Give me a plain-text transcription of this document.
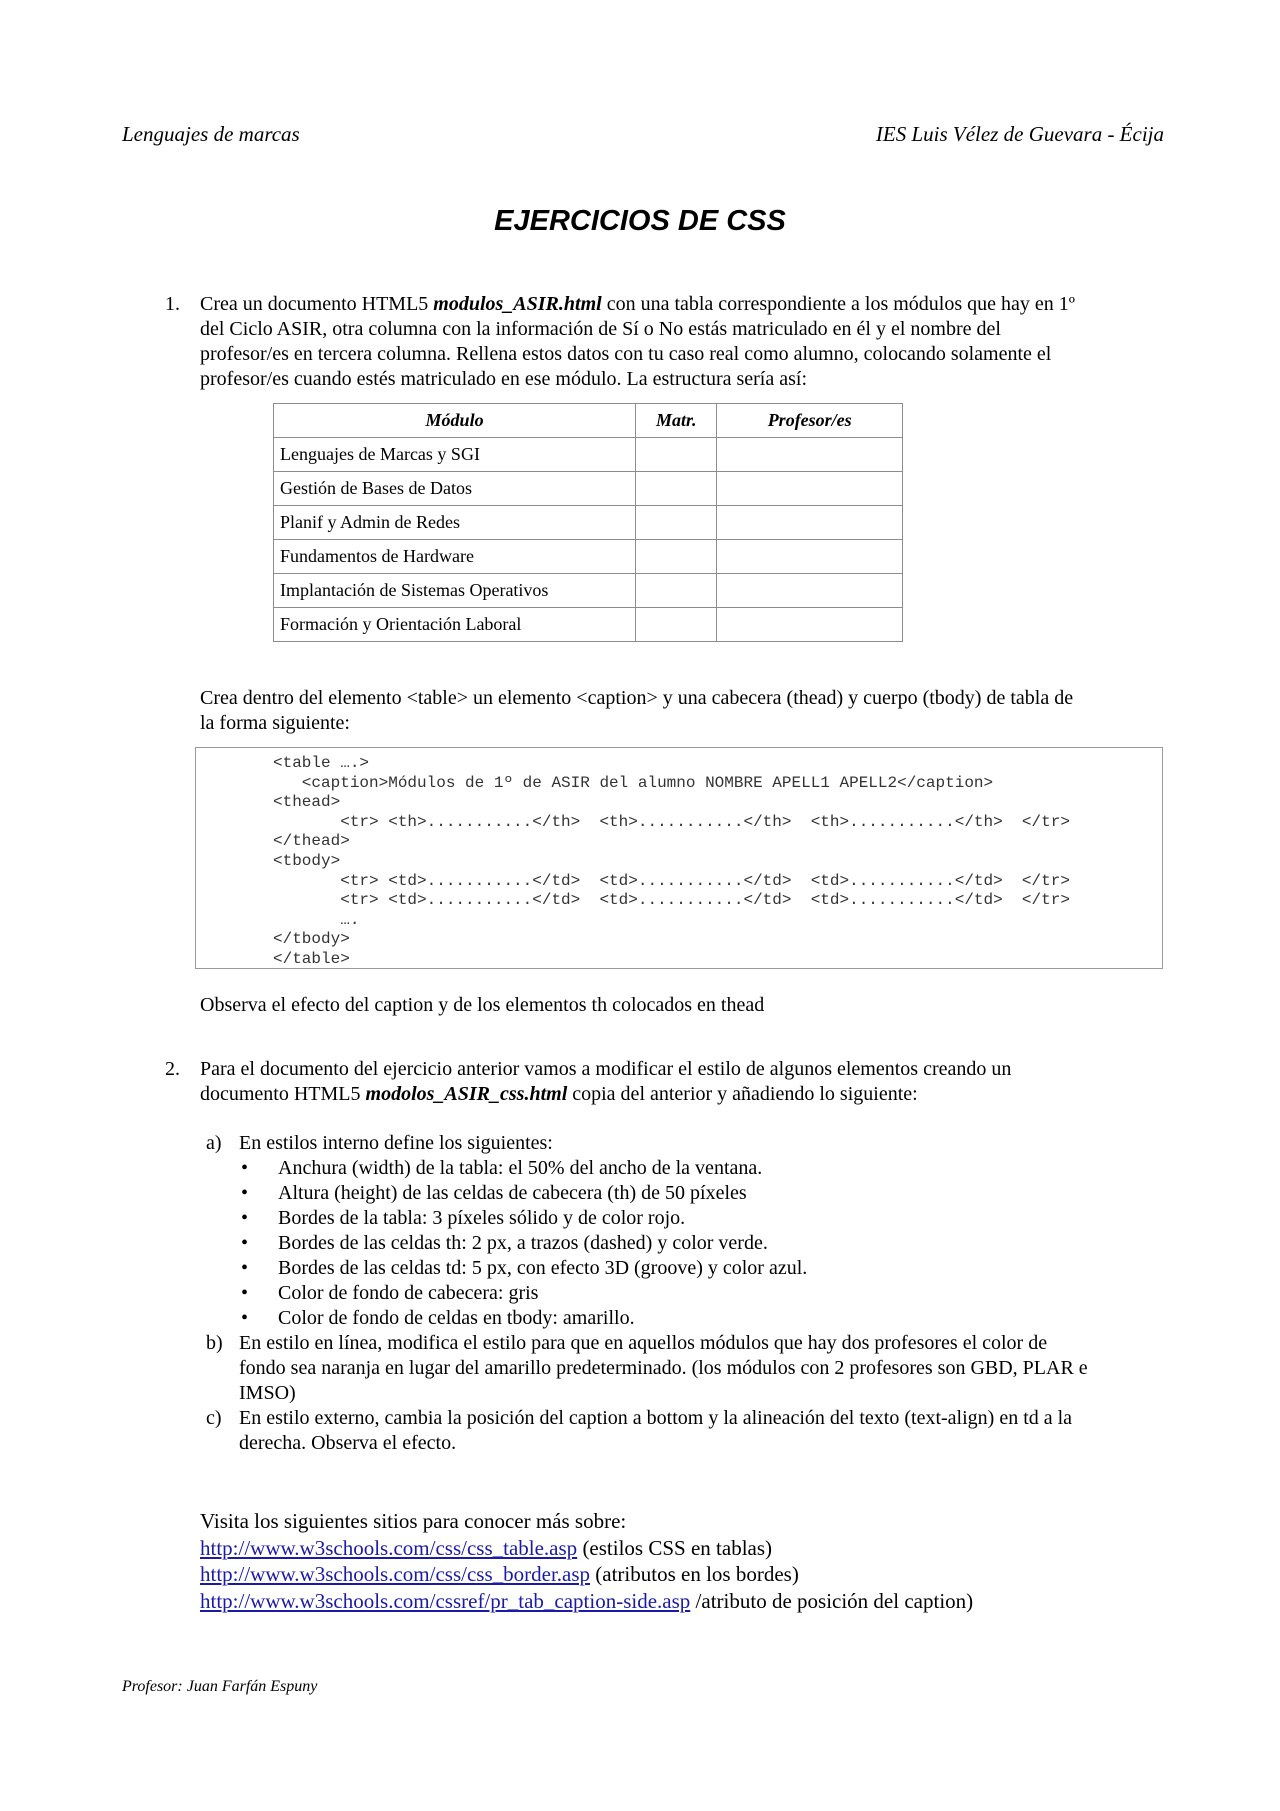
Lenguajes de marcas	IES Luis Vélez de Guevara - Écija
EJERCICIOS DE CSS
1. Crea un documento HTML5 modulos_ASIR.html con una tabla correspondiente a los módulos que hay en 1º
del Ciclo ASIR, otra columna con la información de Sí o No estás matriculado en él y el nombre del
profesor/es en tercera columna. Rellena estos datos con tu caso real como alumno, colocando solamente el
profesor/es cuando estés matriculado en ese módulo. La estructura sería así:
Módulo	Matr.	Profesor/es
Lenguajes de Marcas y SGI		
Gestión de Bases de Datos		
Planif y Admin de Redes		
Fundamentos de Hardware		
Implantación de Sistemas Operativos		
Formación y Orientación Laboral		
Crea dentro del elemento <table> un elemento <caption> y una cabecera (thead) y cuerpo (tbody) de tabla de
la forma siguiente:
<table ….>
<caption>Módulos de 1º de ASIR del alumno NOMBRE APELL1 APELL2</caption>
<thead>
<tr> <th>...........</th>  <th>...........</th>  <th>...........</th>  </tr>
</thead>
<tbody>
<tr> <td>...........</td>  <td>...........</td>  <td>...........</td>  </tr>
<tr> <td>...........</td>  <td>...........</td>  <td>...........</td>  </tr>
….
</tbody>
</table>
Observa el efecto del caption y de los elementos th colocados en thead
2. Para el documento del ejercicio anterior vamos a modificar el estilo de algunos elementos creando un
documento HTML5 modolos_ASIR_css.html copia del anterior y añadiendo lo siguiente:
a) En estilos interno define los siguientes:
• Anchura (width) de la tabla: el 50% del ancho de la ventana.
• Altura (height) de las celdas de cabecera (th) de 50 píxeles
• Bordes de la tabla: 3 píxeles sólido y de color rojo.
• Bordes de las celdas th: 2 px, a trazos (dashed) y color verde.
• Bordes de las celdas td: 5 px, con efecto 3D (groove) y color azul.
• Color de fondo de cabecera: gris
• Color de fondo de celdas en tbody: amarillo.
b) En estilo en línea, modifica el estilo para que en aquellos módulos que hay dos profesores el color de
fondo sea naranja en lugar del amarillo predeterminado. (los módulos con 2 profesores son GBD, PLAR e
IMSO)
c) En estilo externo, cambia la posición del caption a bottom y la alineación del texto (text-align) en td a la
derecha. Observa el efecto.
Visita los siguientes sitios para conocer más sobre:
http://www.w3schools.com/css/css_table.asp (estilos CSS en tablas)
http://www.w3schools.com/css/css_border.asp (atributos en los bordes)
http://www.w3schools.com/cssref/pr_tab_caption-side.asp /atributo de posición del caption)
Profesor: Juan Farfán Espuny
